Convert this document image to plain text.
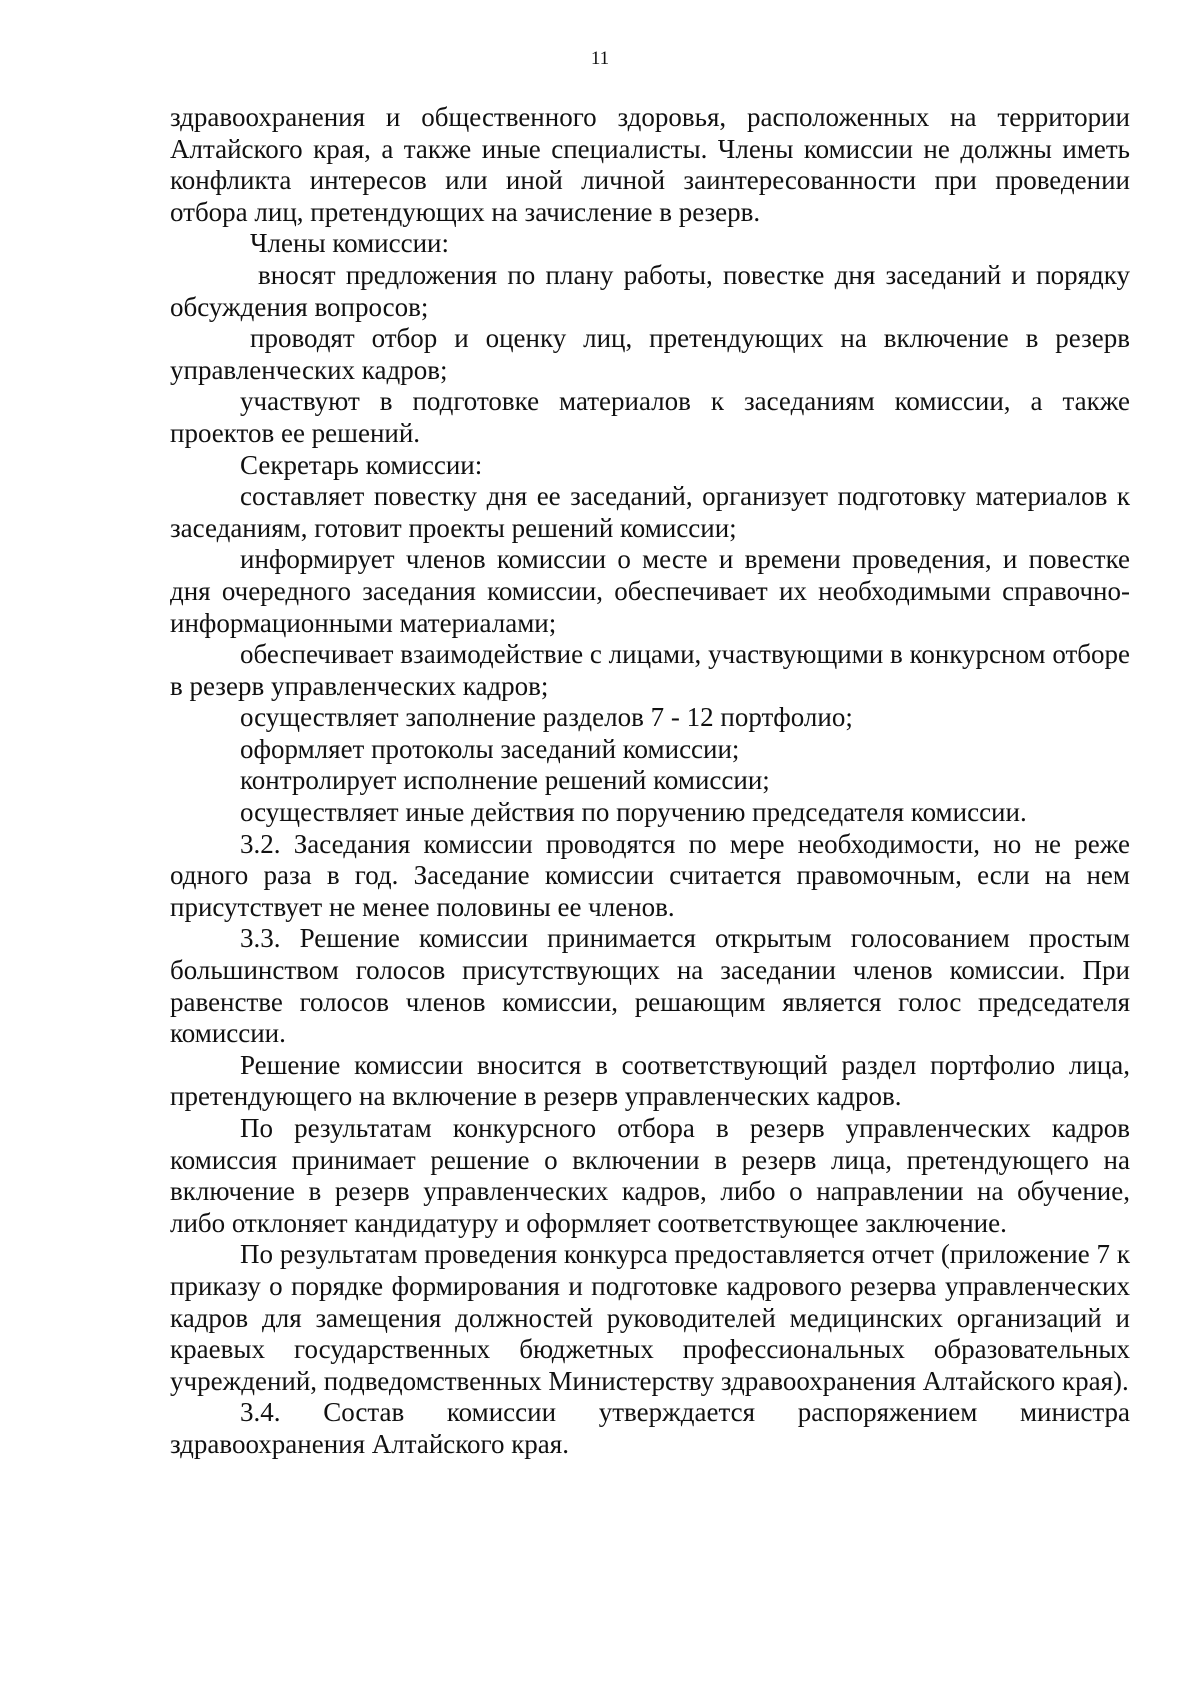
11

здравоохранения и общественного здоровья, расположенных на территории Алтайского края, а также иные специалисты. Члены комиссии не должны иметь конфликта интересов или иной личной заинтересованности при проведении отбора лиц, претендующих на зачисление в резерв.

Члены комиссии:

вносят предложения по плану работы, повестке дня заседаний и порядку обсуждения вопросов;

проводят отбор и оценку лиц, претендующих на включение в резерв управленческих кадров;

участвуют в подготовке материалов к заседаниям комиссии, а также проектов ее решений.

Секретарь комиссии:

составляет повестку дня ее заседаний, организует подготовку материалов к заседаниям, готовит проекты решений комиссии;

информирует членов комиссии о месте и времени проведения, и повестке дня очередного заседания комиссии, обеспечивает их необходимыми справочно-информационными материалами;

обеспечивает взаимодействие с лицами, участвующими в конкурсном отборе в резерв управленческих кадров;

осуществляет заполнение разделов 7 - 12 портфолио;

оформляет протоколы заседаний комиссии;

контролирует исполнение решений комиссии;

осуществляет иные действия по поручению председателя комиссии.

3.2. Заседания комиссии проводятся по мере необходимости, но не реже одного раза в год. Заседание комиссии считается правомочным, если на нем присутствует не менее половины ее членов.

3.3. Решение комиссии принимается открытым голосованием простым большинством голосов присутствующих на заседании членов комиссии. При равенстве голосов членов комиссии, решающим является голос председателя комиссии.

Решение комиссии вносится в соответствующий раздел портфолио лица, претендующего на включение в резерв управленческих кадров.

По результатам конкурсного отбора в резерв управленческих кадров комиссия принимает решение о включении в резерв лица, претендующего на включение в резерв управленческих кадров, либо о направлении на обучение, либо отклоняет кандидатуру и оформляет соответствующее заключение.

По результатам проведения конкурса предоставляется отчет (приложение 7 к приказу о порядке формирования и подготовке кадрового резерва управленческих кадров для замещения должностей руководителей медицинских организаций и краевых государственных бюджетных профессиональных образовательных учреждений, подведомственных Министерству здравоохранения Алтайского края).

3.4. Состав комиссии утверждается распоряжением министра здравоохранения Алтайского края.
